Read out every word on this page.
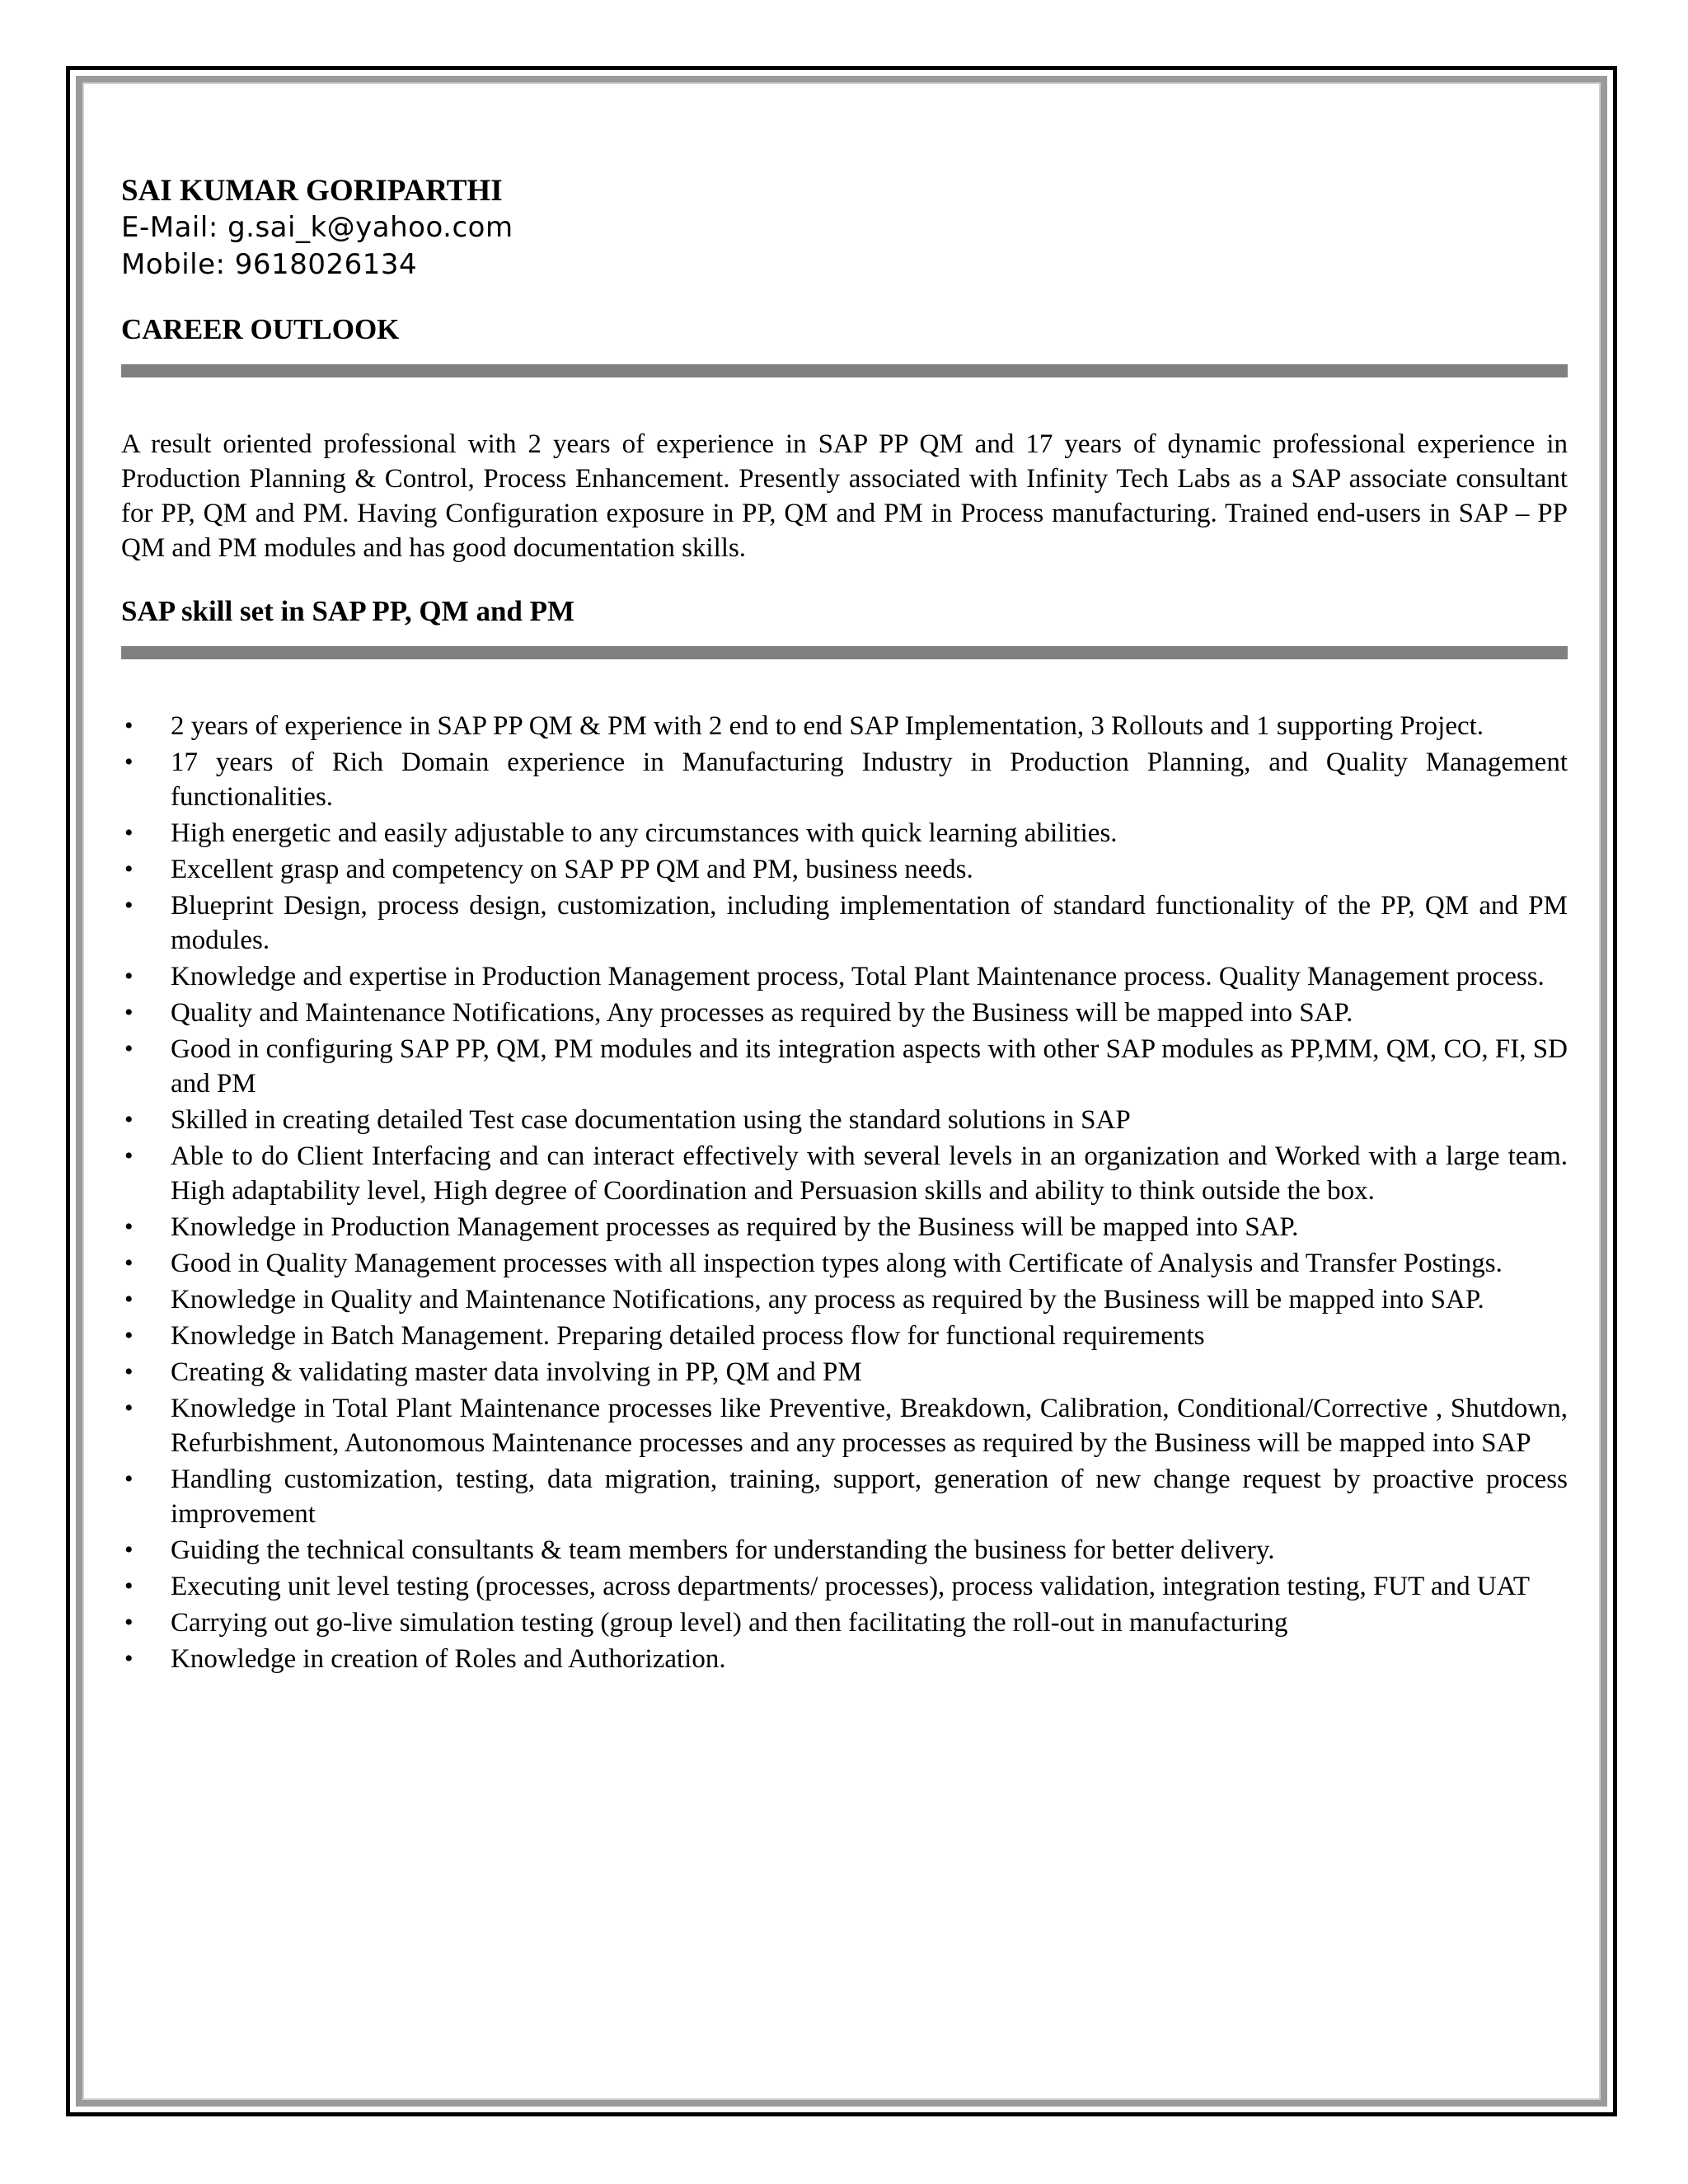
SAI KUMAR GORIPARTHI

E-Mail: g.sai_k@yahoo.com

Mobile: 9618026134

CAREER OUTLOOK

A result oriented professional with 2 years of experience in SAP PP QM and 17 years of dynamic professional experience in Production Planning & Control, Process Enhancement. Presently associated with Infinity Tech Labs as a SAP associate consultant for PP, QM and PM. Having Configuration exposure in PP, QM and PM in Process manufacturing. Trained end-users in SAP – PP QM and PM modules and has good documentation skills.

SAP skill set in SAP PP, QM and PM

• 2 years of experience in SAP PP QM & PM with 2 end to end SAP Implementation, 3 Rollouts and 1 supporting Project.
• 17 years of Rich Domain experience in Manufacturing Industry in Production Planning, and Quality Management functionalities.
• High energetic and easily adjustable to any circumstances with quick learning abilities.
• Excellent grasp and competency on SAP PP QM and PM, business needs.
• Blueprint Design, process design, customization, including implementation of standard functionality of the PP, QM and PM modules.
• Knowledge and expertise in Production Management process, Total Plant Maintenance process. Quality Management process.
• Quality and Maintenance Notifications, Any processes as required by the Business will be mapped into SAP.
• Good in configuring SAP PP, QM, PM modules and its integration aspects with other SAP modules as PP,MM, QM, CO, FI, SD and PM
• Skilled in creating detailed Test case documentation using the standard solutions in SAP
• Able to do Client Interfacing and can interact effectively with several levels in an organization and Worked with a large team. High adaptability level, High degree of Coordination and Persuasion skills and ability to think outside the box.
• Knowledge in Production Management processes as required by the Business will be mapped into SAP.
• Good in Quality Management processes with all inspection types along with Certificate of Analysis and Transfer Postings.
• Knowledge in Quality and Maintenance Notifications, any process as required by the Business will be mapped into SAP.
• Knowledge in Batch Management. Preparing detailed process flow for functional requirements
• Creating & validating master data involving in PP, QM and PM
• Knowledge in Total Plant Maintenance processes like Preventive, Breakdown, Calibration, Conditional/Corrective , Shutdown, Refurbishment, Autonomous Maintenance processes and any processes as required by the Business will be mapped into SAP
• Handling customization, testing, data migration, training, support, generation of new change request by proactive process improvement
• Guiding the technical consultants & team members for understanding the business for better delivery.
• Executing unit level testing (processes, across departments/ processes), process validation, integration testing, FUT and UAT
• Carrying out go-live simulation testing (group level) and then facilitating the roll-out in manufacturing
• Knowledge in creation of Roles and Authorization.
